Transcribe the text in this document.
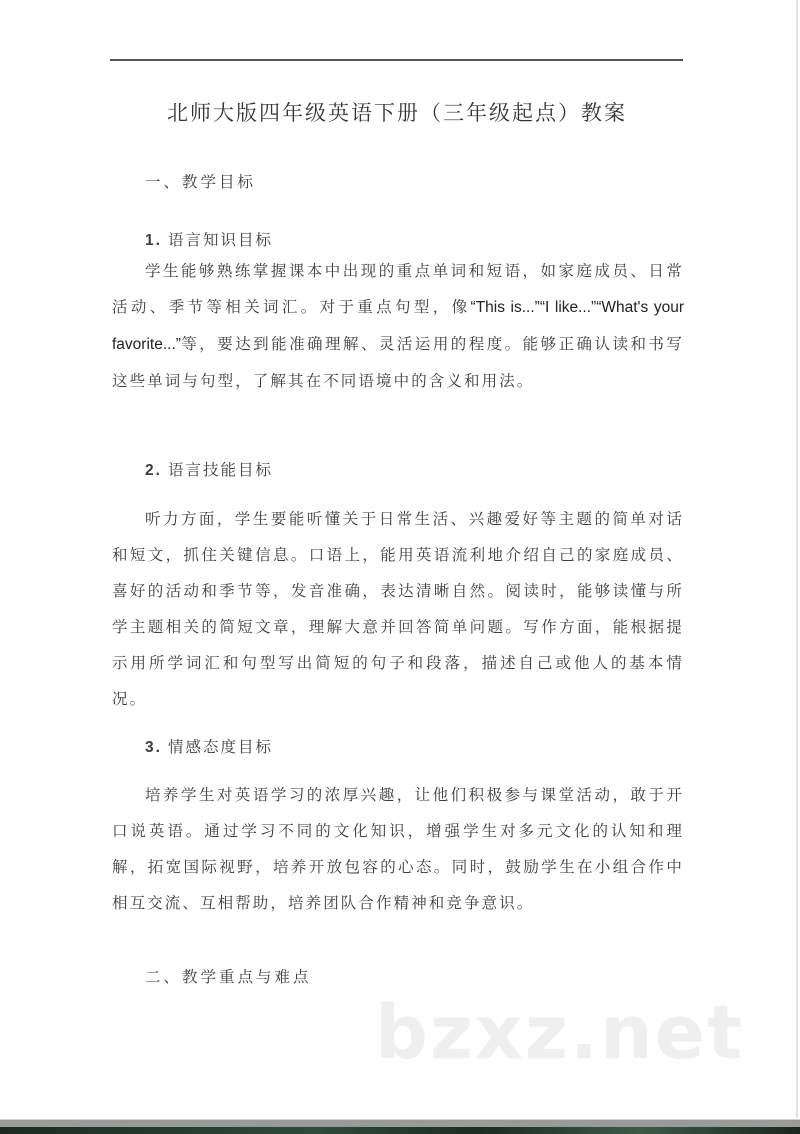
北师大版四年级英语下册（三年级起点）教案
一、教学目标
1. 语言知识目标
学生能够熟练掌握课本中出现的重点单词和短语，如家庭成员、日常活动、季节等相关词汇。对于重点句型，像“This is...”“I like...”“What's your favorite...”等，要达到能准确理解、灵活运用的程度。能够正确认读和书写这些单词与句型，了解其在不同语境中的含义和用法。
2. 语言技能目标
听力方面，学生要能听懂关于日常生活、兴趣爱好等主题的简单对话和短文，抓住关键信息。口语上，能用英语流利地介绍自己的家庭成员、喜好的活动和季节等，发音准确，表达清晰自然。阅读时，能够读懂与所学主题相关的简短文章，理解大意并回答简单问题。写作方面，能根据提示用所学词汇和句型写出简短的句子和段落，描述自己或他人的基本情况。
3. 情感态度目标
培养学生对英语学习的浓厚兴趣，让他们积极参与课堂活动，敢于开口说英语。通过学习不同的文化知识，增强学生对多元文化的认知和理解，拓宽国际视野，培养开放包容的心态。同时，鼓励学生在小组合作中相互交流、互相帮助，培养团队合作精神和竞争意识。
二、教学重点与难点
bzxz.net
